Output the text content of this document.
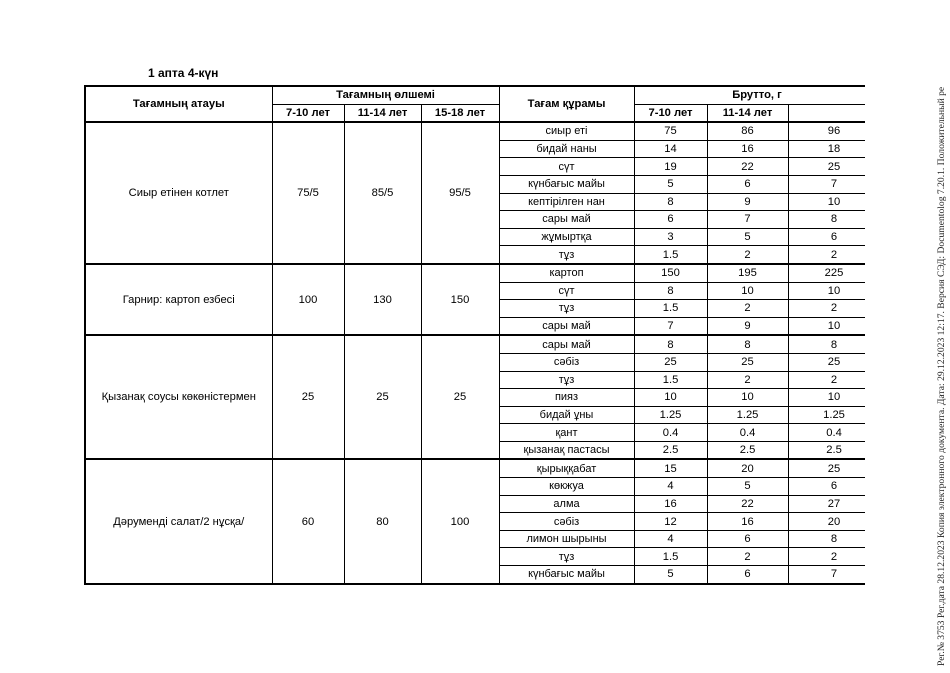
1 апта 4-күн
Рег.№ 3753 Рег.дата 28.12.2023 Копия электронного документа. Дата: 29.12.2023 12:17. Версия СЭД: Documentolog 7.20.1. Положительный ре
Тағамның атауы	Тағамның өлшемі			Тағам құрамы	Брутто, г		
	7-10 лет	11-14 лет	15-18 лет		7-10 лет	11-14 лет	
Сиыр етінен котлет	75/5	85/5	95/5	сиыр еті	75	86	96
				бидай наны	14	16	18
				сүт	19	22	25
				күнбағыс майы	5	6	7
				кептірілген нан	8	9	10
				сары май	6	7	8
				жұмыртқа	3	5	6
				тұз	1.5	2	2
Гарнир: картоп езбесі	100	130	150	картоп	150	195	225
				сүт	8	10	10
				тұз	1.5	2	2
				сары май	7	9	10
Қызанақ соусы көкөністермен	25	25	25	сары май	8	8	8
				сәбіз	25	25	25
				тұз	1.5	2	2
				пияз	10	10	10
				бидай ұны	1.25	1.25	1.25
				қант	0.4	0.4	0.4
				қызанақ пастасы	2.5	2.5	2.5
Дәруменді салат/2 нұсқа/	60	80	100	қырыққабат	15	20	25
				көкжуа	4	5	6
				алма	16	22	27
				сәбіз	12	16	20
				лимон шырыны	4	6	8
				тұз	1.5	2	2
				күнбағыс майы	5	6	7
